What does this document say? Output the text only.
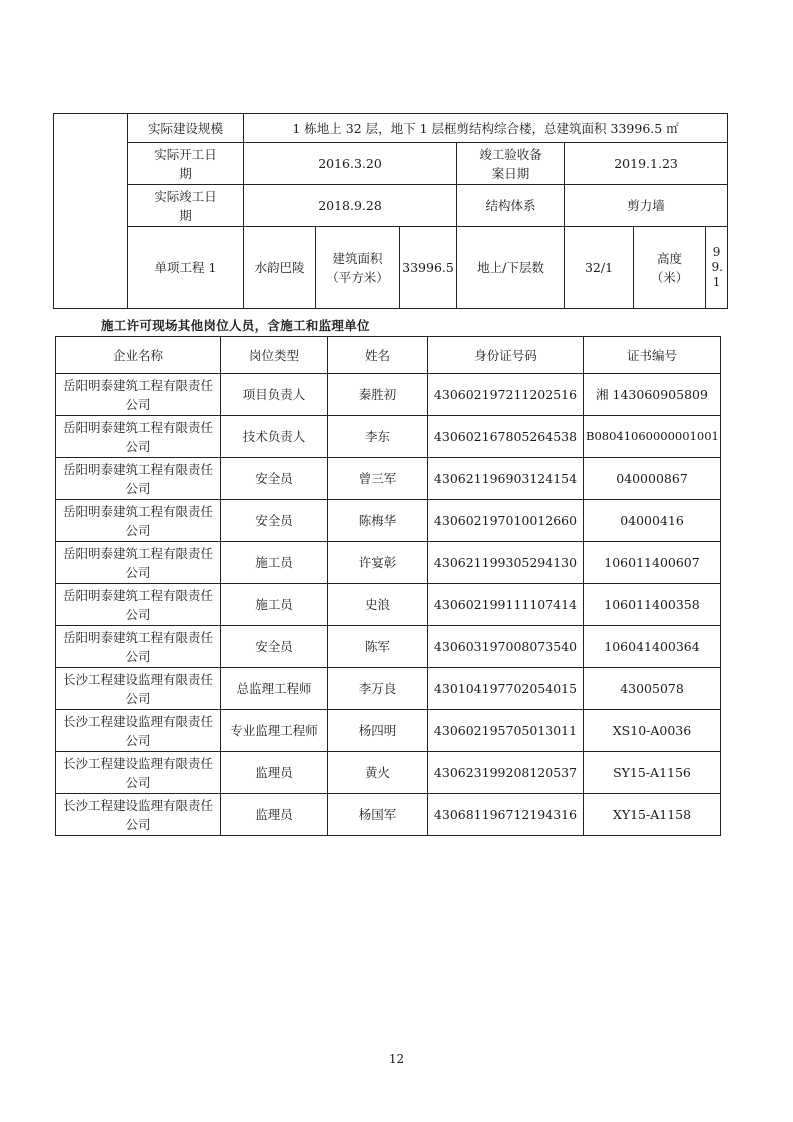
	实际建设规模	1 栋地上 32 层，地下 1 层框剪结构综合楼，总建筑面积 33996.5 ㎡						
	实际开工日期	2016.3.20			竣工验收备案日期	2019.1.23		
	实际竣工日期	2018.9.28			结构体系	剪力墙		
	单项工程 1	水韵巴陵	建筑面积（平方米）	33996.5	地上/下层数	32/1	高度（米）	99.1
施工许可现场其他岗位人员，含施工和监理单位
企业名称	岗位类型	姓名	身份证号码	证书编号
岳阳明泰建筑工程有限责任公司	项目负责人	秦胜初	430602197211202516	湘 143060905809
岳阳明泰建筑工程有限责任公司	技术负责人	李东	430602167805264538	B08041060000001001
岳阳明泰建筑工程有限责任公司	安全员	曾三军	430621196903124154	040000867
岳阳明泰建筑工程有限责任公司	安全员	陈梅华	430602197010012660	04000416
岳阳明泰建筑工程有限责任公司	施工员	许宴彰	430621199305294130	106011400607
岳阳明泰建筑工程有限责任公司	施工员	史浪	430602199111107414	106011400358
岳阳明泰建筑工程有限责任公司	安全员	陈军	430603197008073540	106041400364
长沙工程建设监理有限责任公司	总监理工程师	李万良	430104197702054015	43005078
长沙工程建设监理有限责任公司	专业监理工程师	杨四明	430602195705013011	XS10-A0036
长沙工程建设监理有限责任公司	监理员	黄火	430623199208120537	SY15-A1156
长沙工程建设监理有限责任公司	监理员	杨国军	430681196712194316	XY15-A1158
12
